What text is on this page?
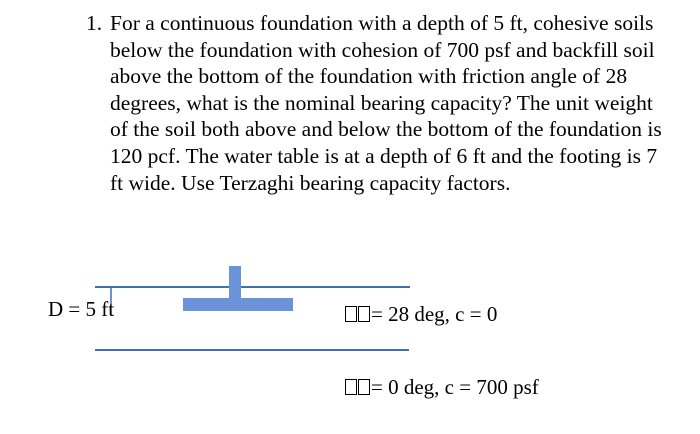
1. For a continuous foundation with a depth of 5 ft, cohesive soils below the foundation with cohesion of 700 psf and backfill soil above the bottom of the foundation with friction angle of 28 degrees, what is the nominal bearing capacity? The unit weight of the soil both above and below the bottom of the foundation is 120 pcf. The water table is at a depth of 6 ft and the footing is 7 ft wide. Use Terzaghi bearing capacity factors.
D = 5 ft	= 28 deg, c = 0
= 0 deg, c = 700 psf
